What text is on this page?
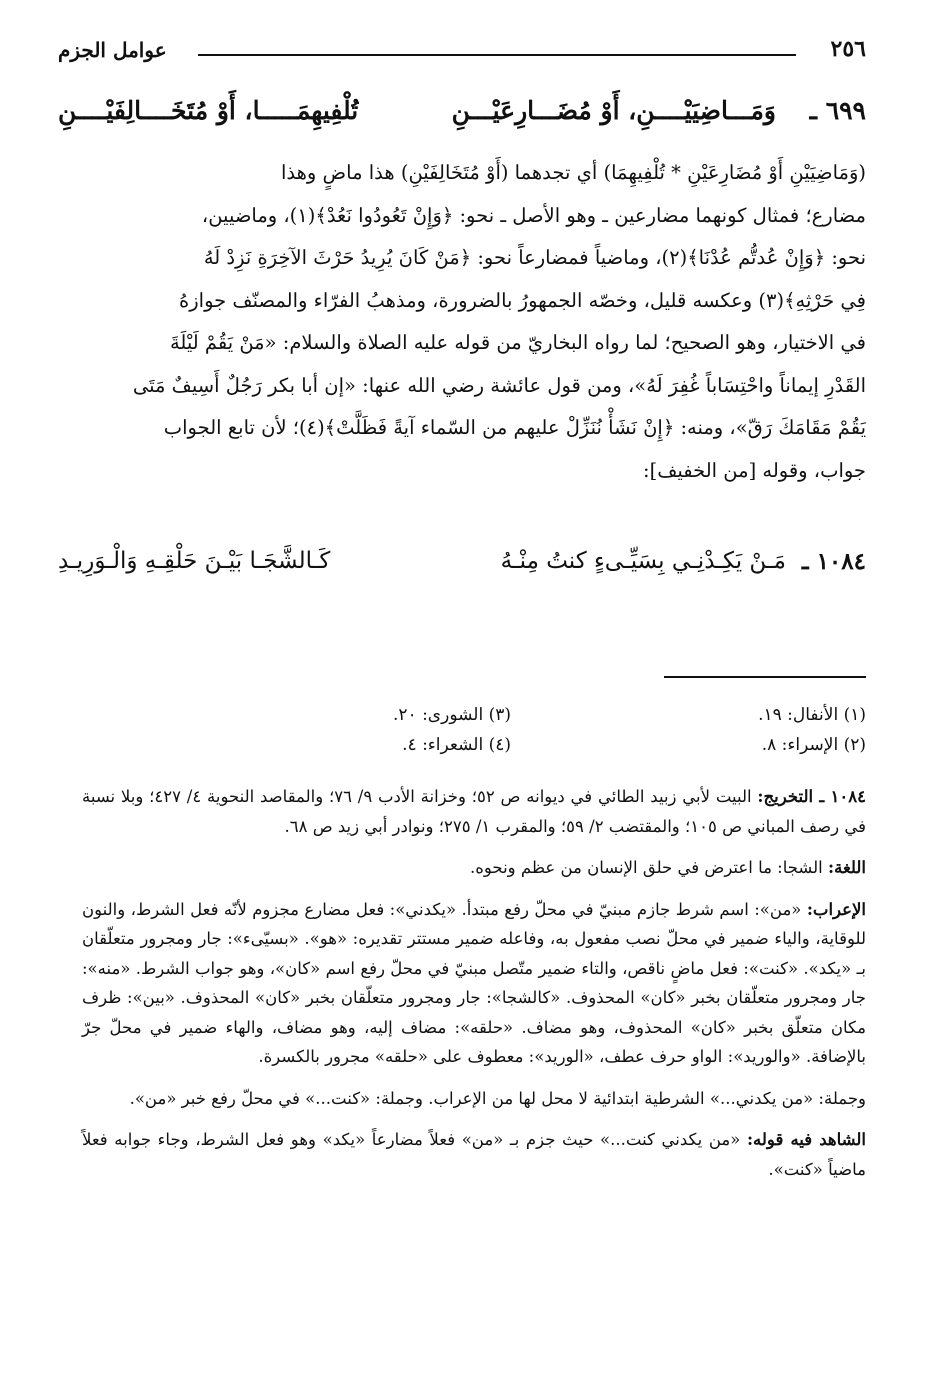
٢٥٦
عوامل الجزم
٦٩٩ ـ
وَمَـــاضِيَيْــــنِ، أَوْ مُضَـــارِعَيْـــنِ
تُلْفِيهِمَـــــا، أَوْ مُتَخَــــالِفَيْــــنِ

(وَمَاضِيَيْنِ أَوْ مُضَارِعَيْنِ * تُلْفِيهِمَا) أي تجدهما (أَوْ مُتَخَالِفَيْنِ) هذا ماضٍ وهذا

مضارع؛ فمثال كونهما مضارعين ـ وهو الأصل ـ نحو: ﴿وَإِنْ تَعُودُوا نَعُدْ﴾(١)، وماضيين،

نحو: ﴿وَإِنْ عُدتُّم عُدْنَا﴾(٢)، وماضياً فمضارعاً نحو: ﴿مَنْ كَانَ يُرِيدُ حَرْثَ الآخِرَةِ نَزِدْ لَهُ

فِي حَرْثِهِ﴾(٣) وعكسه قليل، وخصّه الجمهورُ بالضرورة، ومذهبُ الفرّاء والمصنّف جوازهُ

في الاختيار، وهو الصحيح؛ لما رواه البخاريّ من قوله عليه الصلاة والسلام: «مَنْ يَقُمْ لَيْلَةَ

القَدْرِ إيماناً واحْتِسَاباً غُفِرَ لَهُ»، ومن قول عائشة رضي الله عنها: «إن أبا بكر رَجُلٌ أَسِيفٌ مَتَى

يَقُمْ مَقَامَكَ رَقّ»، ومنه: ﴿إِنْ نَشَأْ نُنَزِّلْ عليهم من السّماء آيةً فَظَلَّتْ﴾(٤)؛ لأن تابع الجواب

جواب، وقوله [من الخفيف]:

١٠٨٤ ـ
مَـنْ يَكِـدْنِـي بِسَيِّـىءٍ كنتُ مِنْـهُ
كَـالشَّجَـا بَيْـنَ حَلْقِـهِ وَالْـوَرِيـدِ
(١) الأنفال: ١٩.
(٢) الإسراء: ٨.
(٣) الشورى: ٢٠.
(٤) الشعراء: ٤.

١٠٨٤ ـ التخريج: البيت لأبي زبيد الطائي في ديوانه ص ٥٢؛ وخزانة الأدب ٩/ ٧٦؛ والمقاصد النحوية ٤/ ٤٢٧؛ وبلا نسبة في رصف المباني ص ١٠٥؛ والمقتضب ٢/ ٥٩؛ والمقرب ١/ ٢٧٥؛ ونوادر أبي زيد ص ٦٨.

اللغة: الشجا: ما اعترض في حلق الإنسان من عظم ونحوه.

الإعراب: «من»: اسم شرط جازم مبنيّ في محلّ رفع مبتدأ. «يكدني»: فعل مضارع مجزوم لأنّه فعل الشرط، والنون للوقاية، والياء ضمير في محلّ نصب مفعول به، وفاعله ضمير مستتر تقديره: «هو». «بسيّىء»: جار ومجرور متعلّقان بـ «يكد». «كنت»: فعل ماضٍ ناقص، والتاء ضمير متّصل مبنيّ في محلّ رفع اسم «كان»، وهو جواب الشرط. «منه»: جار ومجرور متعلّقان بخبر «كان» المحذوف. «كالشجا»: جار ومجرور متعلّقان بخبر «كان» المحذوف. «بين»: ظرف مكان متعلّق بخبر «كان» المحذوف، وهو مضاف. «حلقه»: مضاف إليه، وهو مضاف، والهاء ضمير في محلّ جرّ بالإضافة. «والوريد»: الواو حرف عطف، «الوريد»: معطوف على «حلقه» مجرور بالكسرة.

وجملة: «من يكدني...» الشرطية ابتدائية لا محل لها من الإعراب. وجملة: «كنت...» في محلّ رفع خبر «من».

الشاهد فيه قوله: «من يكدني كنت...» حيث جزم بـ «من» فعلاً مضارعاً «يكد» وهو فعل الشرط، وجاء جوابه فعلاً ماضياً «كنت».
